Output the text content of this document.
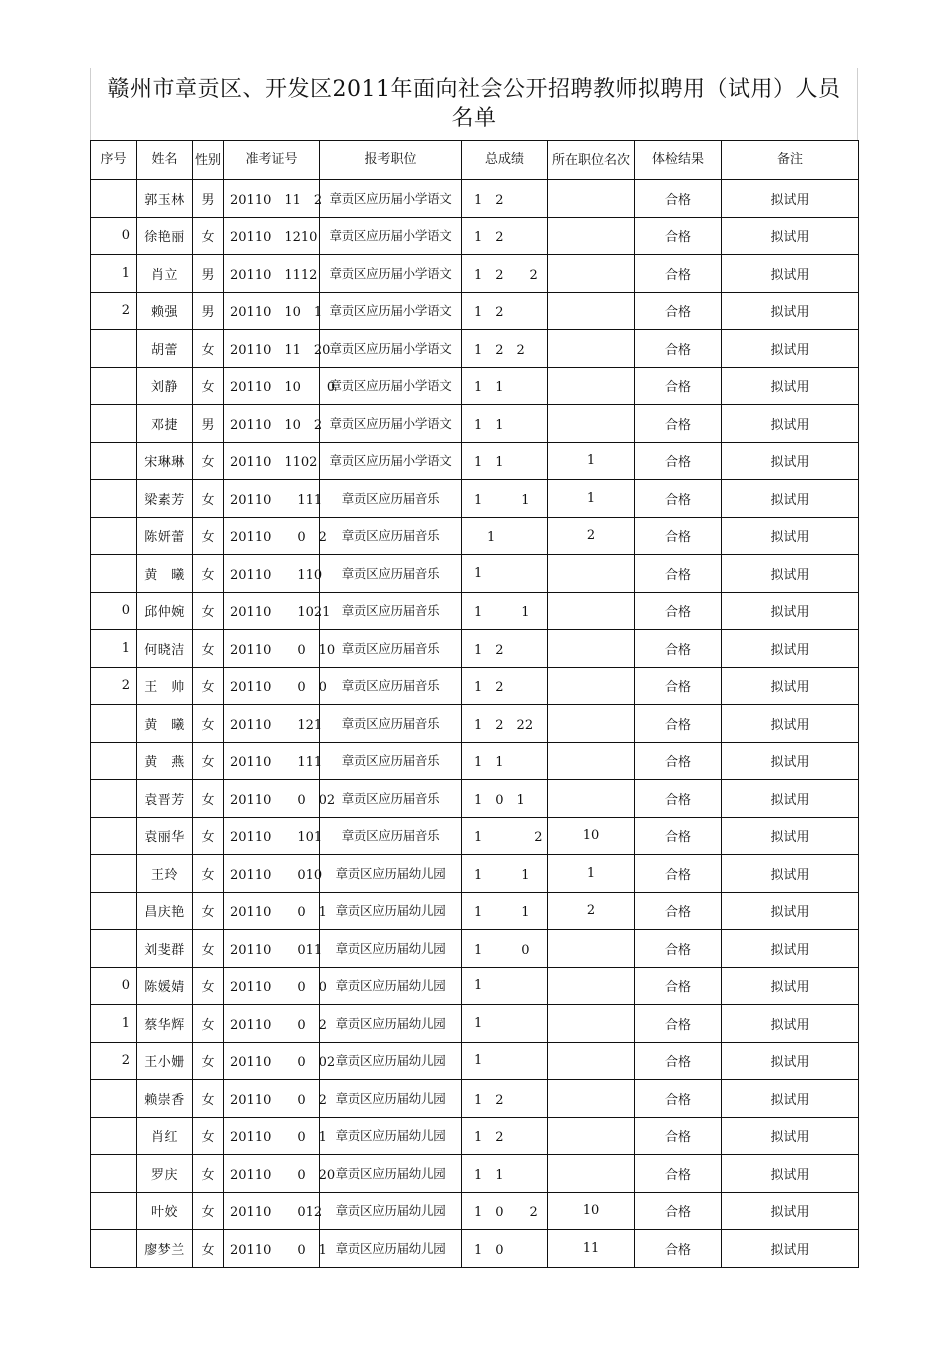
赣州市章贡区、开发区2011年面向社会公开招聘教师拟聘用（试用）人员名单
序号	姓名	性别	准考证号	报考职位	总成绩	所在职位名次	体检结果	备注
	郭玉林	男	20110　11　2	章贡区应历届小学语文	1　2		合格	拟试用
0	徐艳丽	女	20110　1210	章贡区应历届小学语文	1　2		合格	拟试用
1	肖立	男	20110　1112	章贡区应历届小学语文	1　2　　2		合格	拟试用
2	赖强	男	20110　10　1	章贡区应历届小学语文	1　2		合格	拟试用
	胡蕾	女	20110　11　20	章贡区应历届小学语文	1　2　2		合格	拟试用
	刘静	女	20110　10　　0	章贡区应历届小学语文	1　1		合格	拟试用
	邓捷	男	20110　10　2	章贡区应历届小学语文	1　1		合格	拟试用
	宋琳琳	女	20110　1102	章贡区应历届小学语文	1　1	1	合格	拟试用
	梁素芳	女	20110　　111	章贡区应历届音乐	1　　　1	1	合格	拟试用
	陈妍蕾	女	20110　　0　2	章贡区应历届音乐	　1	2	合格	拟试用
	黄　曦	女	20110　　110	章贡区应历届音乐	1		合格	拟试用
0	邱仲婉	女	20110　　1021	章贡区应历届音乐	1　　　1		合格	拟试用
1	何晓洁	女	20110　　0　10	章贡区应历届音乐	1　2		合格	拟试用
2	王　帅	女	20110　　0　0	章贡区应历届音乐	1　2		合格	拟试用
	黄　曦	女	20110　　121	章贡区应历届音乐	1　2　22		合格	拟试用
	黄　燕	女	20110　　111	章贡区应历届音乐	1　1		合格	拟试用
	袁晋芳	女	20110　　0　02	章贡区应历届音乐	1　0　1		合格	拟试用
	袁丽华	女	20110　　101	章贡区应历届音乐	1　　　　2	10	合格	拟试用
	王玲	女	20110　　010	章贡区应历届幼儿园	1　　　1	1	合格	拟试用
	昌庆艳	女	20110　　0　1	章贡区应历届幼儿园	1　　　1	2	合格	拟试用
	刘斐群	女	20110　　011	章贡区应历届幼儿园	1　　　0		合格	拟试用
0	陈媛婧	女	20110　　0　0	章贡区应历届幼儿园	1		合格	拟试用
1	蔡华辉	女	20110　　0　2	章贡区应历届幼儿园	1		合格	拟试用
2	王小姗	女	20110　　0　02	章贡区应历届幼儿园	1		合格	拟试用
	赖崇香	女	20110　　0　2	章贡区应历届幼儿园	1　2		合格	拟试用
	肖红	女	20110　　0　1	章贡区应历届幼儿园	1　2		合格	拟试用
	罗庆	女	20110　　0　20	章贡区应历届幼儿园	1　1		合格	拟试用
	叶姣	女	20110　　012	章贡区应历届幼儿园	1　0　　2	10	合格	拟试用
	廖梦兰	女	20110　　0　1	章贡区应历届幼儿园	1　0	11	合格	拟试用
